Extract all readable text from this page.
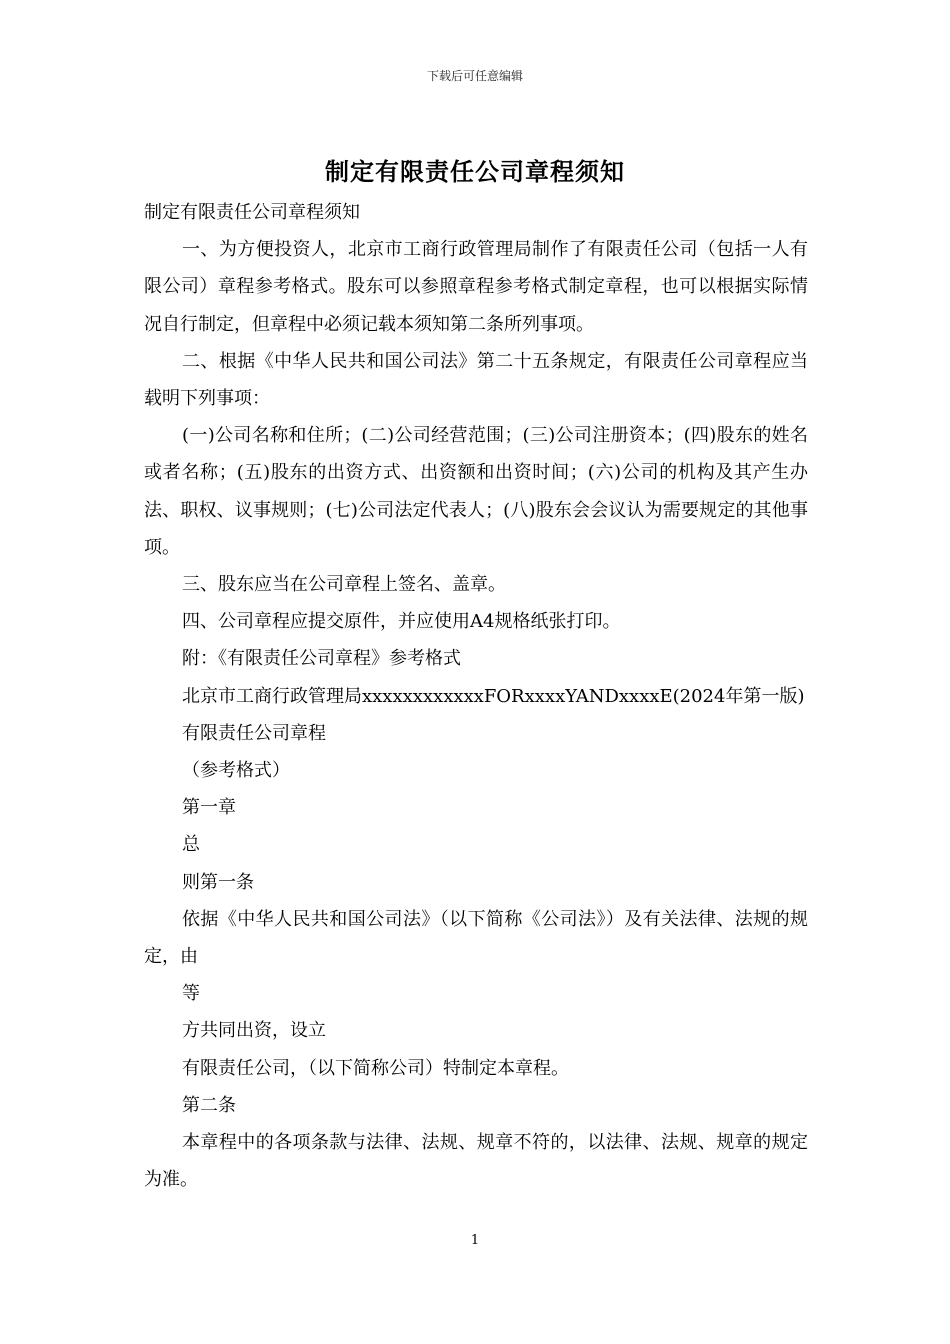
下载后可任意编辑
制定有限责任公司章程须知

制定有限责任公司章程须知

一、为方便投资人，北京市工商行政管理局制作了有限责任公司（包括一人有限公司）章程参考格式。股东可以参照章程参考格式制定章程，也可以根据实际情况自行制定，但章程中必须记载本须知第二条所列事项。

二、根据《中华人民共和国公司法》第二十五条规定，有限责任公司章程应当载明下列事项：

(一)公司名称和住所；(二)公司经营范围；(三)公司注册资本；(四)股东的姓名或者名称；(五)股东的出资方式、出资额和出资时间；(六)公司的机构及其产生办法、职权、议事规则；(七)公司法定代表人；(八)股东会会议认为需要规定的其他事项。

三、股东应当在公司章程上签名、盖章。

四、公司章程应提交原件，并应使用A4规格纸张打印。

附：《有限责任公司章程》参考格式

北京市工商行政管理局xxxxxxxxxxxxFORxxxxYANDxxxxE(2024年第一版)

有限责任公司章程

（参考格式）

第一章

总

则第一条

依据《中华人民共和国公司法》（以下简称《公司法》）及有关法律、法规的规定，由

等

方共同出资，设立

有限责任公司，（以下简称公司）特制定本章程。

第二条

本章程中的各项条款与法律、法规、规章不符的，以法律、法规、规章的规定为准。

1
